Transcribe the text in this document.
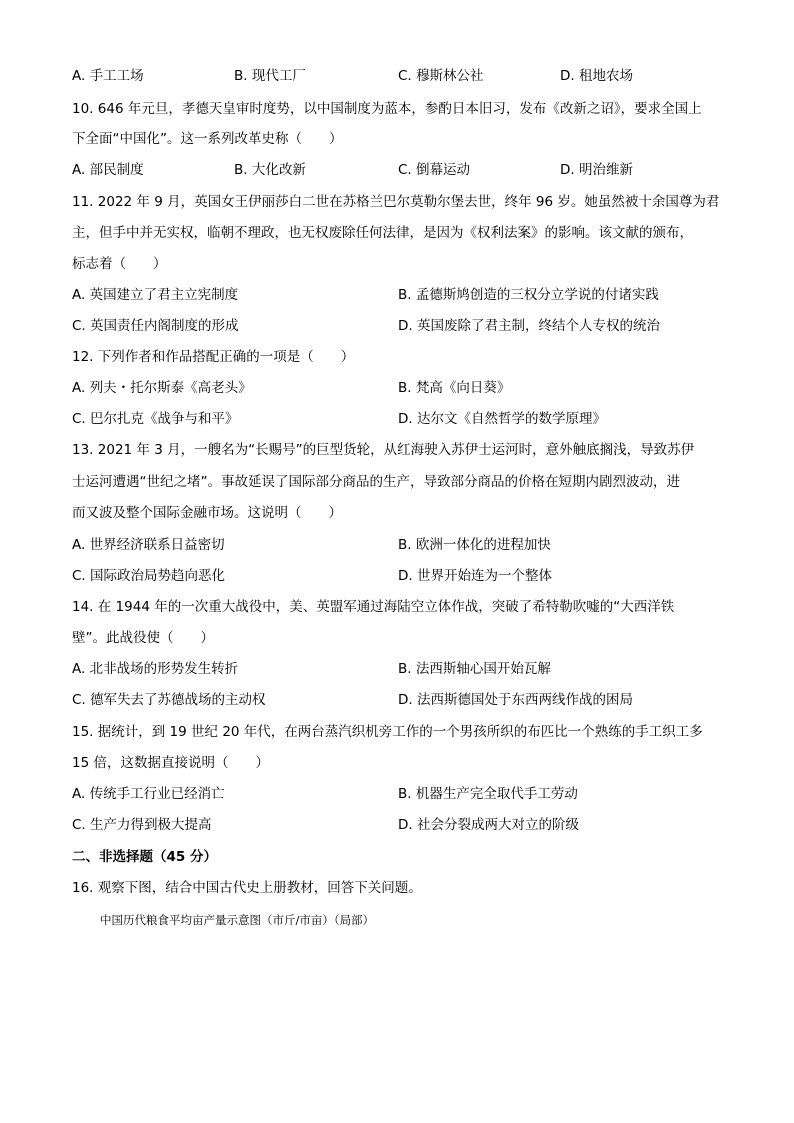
A. 手工工场	B. 现代工厂	C. 穆斯林公社	D. 租地农场
10. 646 年元旦，孝德天皇审时度势，以中国制度为蓝本，参酌日本旧习，发布《改新之诏》，要求全国上
下全面“中国化”。这一系列改革史称（　　）
A. 部民制度	B. 大化改新	C. 倒幕运动	D. 明治维新
11. 2022 年 9 月，英国女王伊丽莎白二世在苏格兰巴尔莫勒尔堡去世，终年 96 岁。她虽然被十余国尊为君
主，但手中并无实权，临朝不理政，也无权废除任何法律，是因为《权利法案》的影响。该文献的颁布，
标志着（　　）
A. 英国建立了君主立宪制度	B. 孟德斯鸠创造的三权分立学说的付诸实践
C. 英国责任内阁制度的形成	D. 英国废除了君主制，终结个人专权的统治
12. 下列作者和作品搭配正确的一项是（　　）
A. 列夫・托尔斯泰《高老头》	B. 梵高《向日葵》
C. 巴尔扎克《战争与和平》	D. 达尔文《自然哲学的数学原理》
13. 2021 年 3 月，一艘名为“长赐号”的巨型货轮，从红海驶入苏伊士运河时，意外触底搁浅，导致苏伊
士运河遭遇“世纪之堵”。事故延误了国际部分商品的生产，导致部分商品的价格在短期内剧烈波动，进
而又波及整个国际金融市场。这说明（　　）
A. 世界经济联系日益密切	B. 欧洲一体化的进程加快
C. 国际政治局势趋向恶化	D. 世界开始连为一个整体
14. 在 1944 年的一次重大战役中，美、英盟军通过海陆空立体作战，突破了希特勒吹嘘的“大西洋铁
壁”。此战役使（　　）
A. 北非战场的形势发生转折	B. 法西斯轴心国开始瓦解
C. 德军失去了苏德战场的主动权	D. 法西斯德国处于东西两线作战的困局
15. 据统计，到 19 世纪 20 年代，在两台蒸汽织机旁工作的一个男孩所织的布匹比一个熟练的手工织工多
15 倍，这数据直接说明（　　）
A. 传统手工行业已经消亡	B. 机器生产完全取代手工劳动
C. 生产力得到极大提高	D. 社会分裂成两大对立的阶级
二、非选择题（45 分）
16. 观察下图，结合中国古代史上册教材，回答下关问题。
中国历代粮食平均亩产量示意图（市斤/市亩）（局部）
